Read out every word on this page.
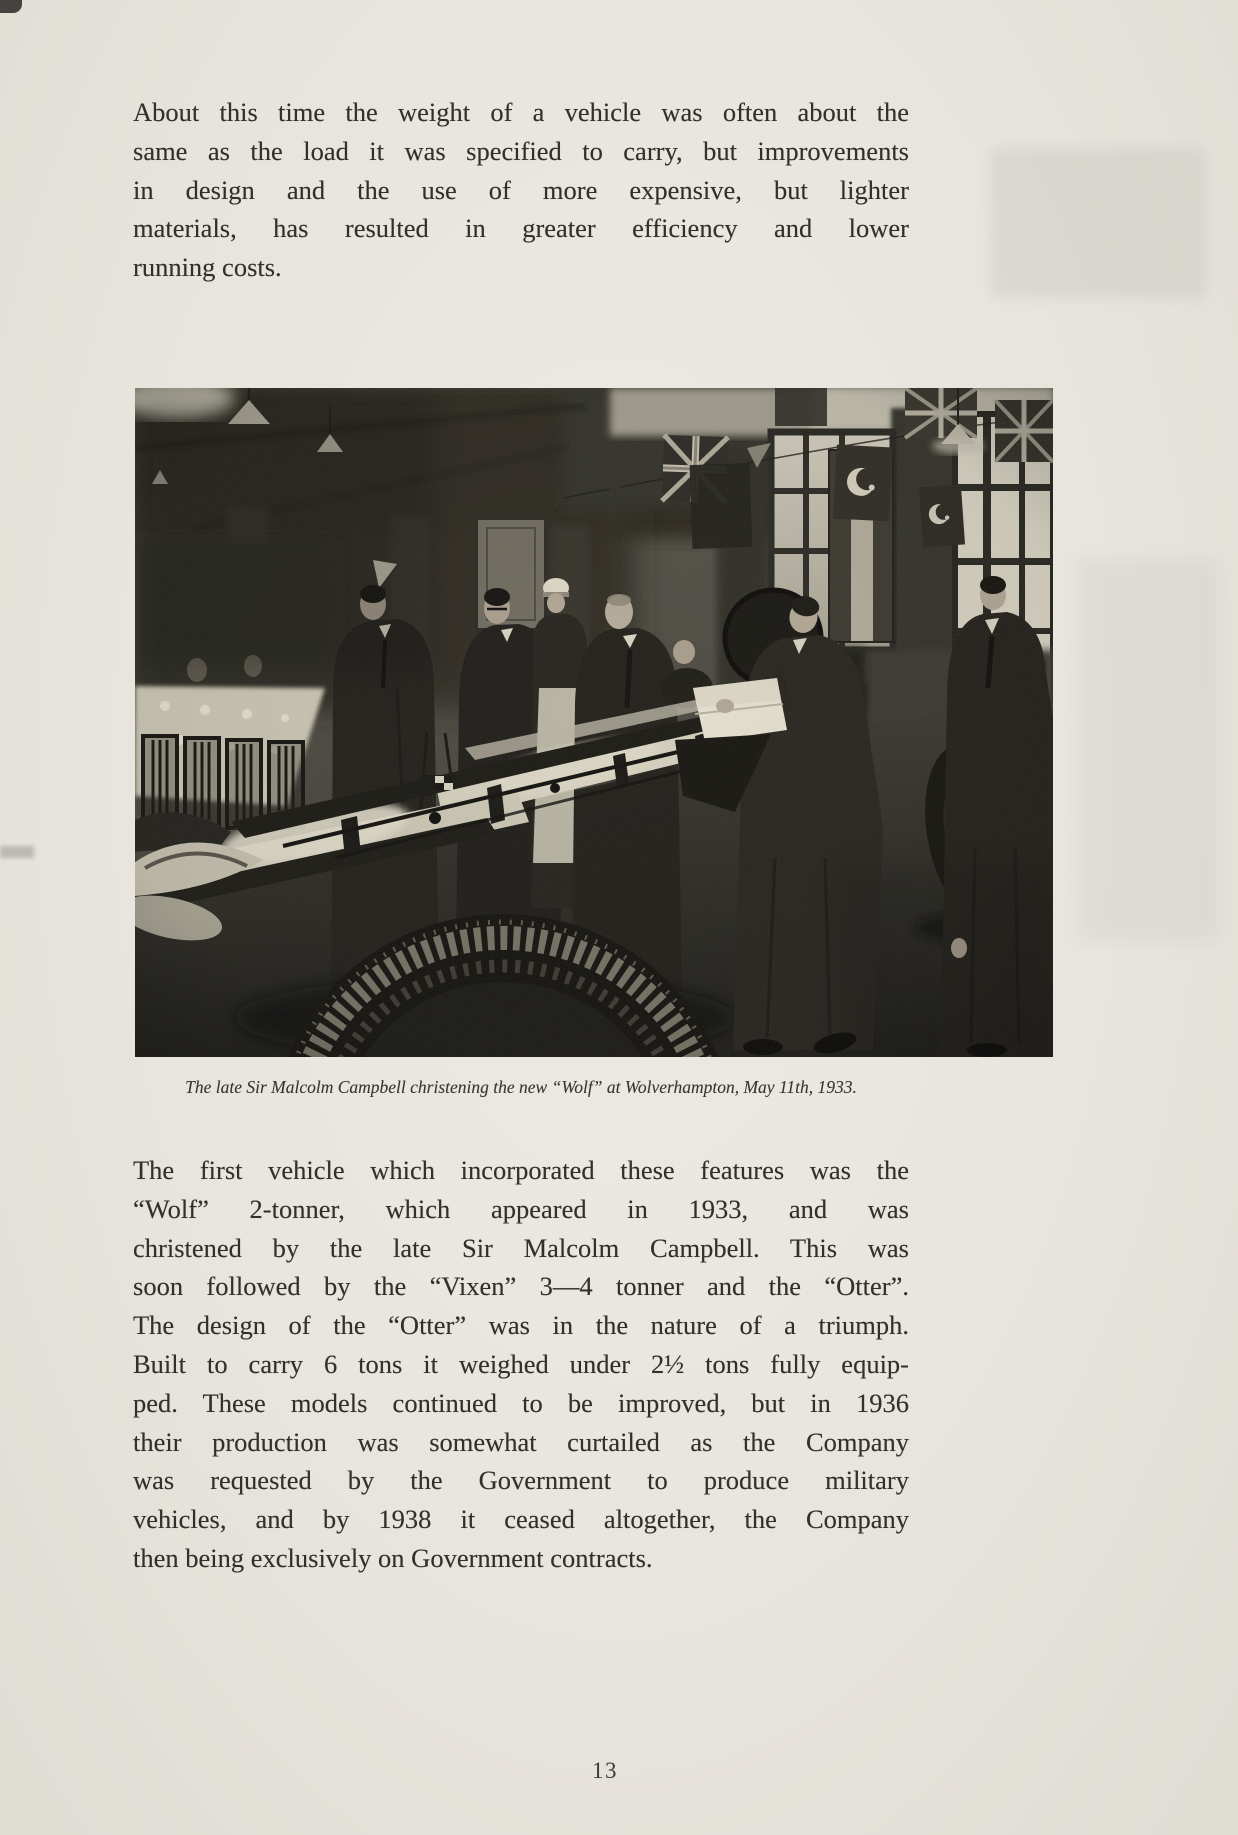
About this time the weight of a vehicle was often about the
same as the load it was specified to carry, but improvements
in design and the use of more expensive, but lighter
materials, has resulted in greater efficiency and lower
running costs.
The late Sir Malcolm Campbell christening the new “Wolf” at Wolverhampton, May 11th, 1933.
The first vehicle which incorporated these features was the
“Wolf” 2-tonner, which appeared in 1933, and was
christened by the late Sir Malcolm Campbell. This was
soon followed by the “Vixen” 3—4 tonner and the “Otter”.
The design of the “Otter” was in the nature of a triumph.
Built to carry 6 tons it weighed under 2½ tons fully equip-
ped. These models continued to be improved, but in 1936
their production was somewhat curtailed as the Company
was requested by the Government to produce military
vehicles, and by 1938 it ceased altogether, the Company
then being exclusively on Government contracts.
13
